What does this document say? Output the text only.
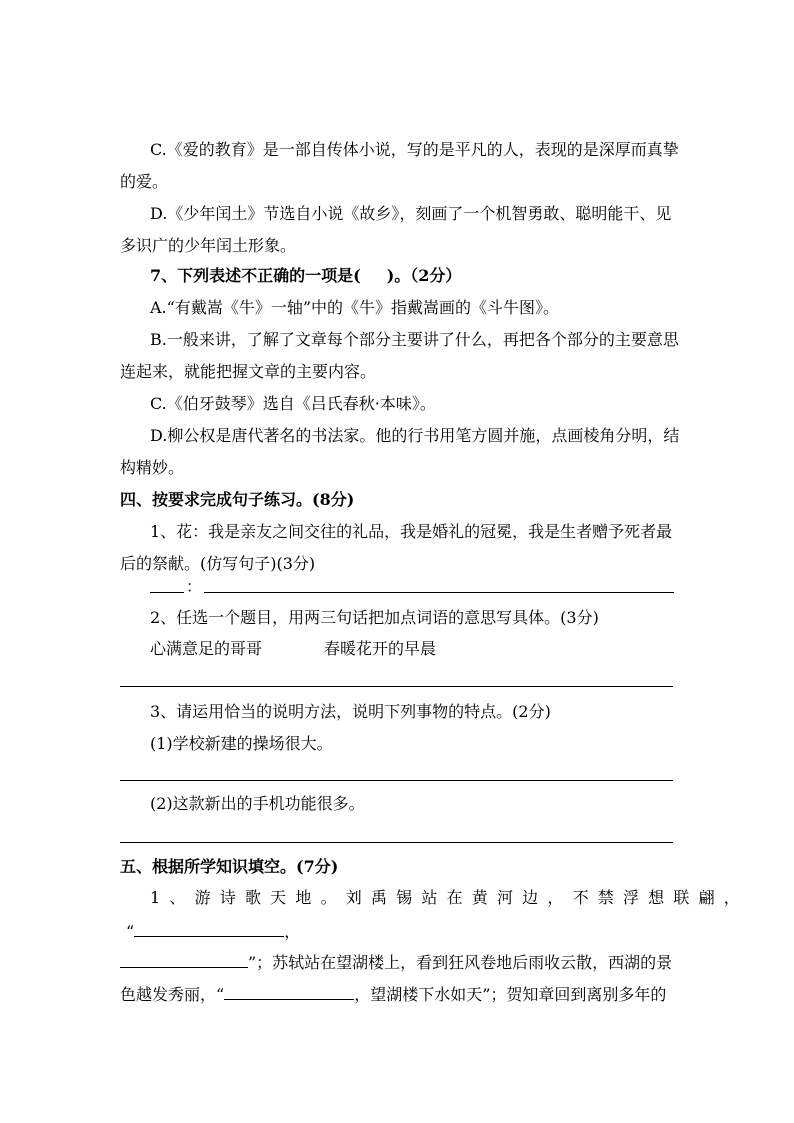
C.《爱的教育》是一部自传体小说，写的是平凡的人，表现的是深厚而真挚
的爱。
D.《少年闰土》节选自小说《故乡》，刻画了一个机智勇敢、聪明能干、见
多识广的少年闰土形象。
7、下列表述不正确的一项是( )。（2分）
A.“有戴嵩《牛》一轴”中的《牛》指戴嵩画的《斗牛图》。
B.一般来讲，了解了文章每个部分主要讲了什么，再把各个部分的主要意思
连起来，就能把握文章的主要内容。
C.《伯牙鼓琴》选自《吕氏春秋·本味》。
D.柳公权是唐代著名的书法家。他的行书用笔方圆并施，点画棱角分明，结
构精妙。
四、按要求完成句子练习。(8分)
1、花：我是亲友之间交往的礼品，我是婚礼的冠冕，我是生者赠予死者最
后的祭献。(仿写句子)(3分)
：
2、任选一个题目，用两三句话把加点词语的意思写具体。(3分)
心满意足的哥哥	春暖花开的早晨
3、请运用恰当的说明方法，说明下列事物的特点。(2分)
(1)学校新建的操场很大。
(2)这款新出的手机功能很多。
五、根据所学知识填空。(7分)
1、游诗歌天地。刘禹锡站在黄河边，不禁浮想联翩，
“	，
”；苏轼站在望湖楼上，看到狂风卷地后雨收云散，西湖的景
色越发秀丽，“	，望湖楼下水如天”；贺知章回到离别多年的
